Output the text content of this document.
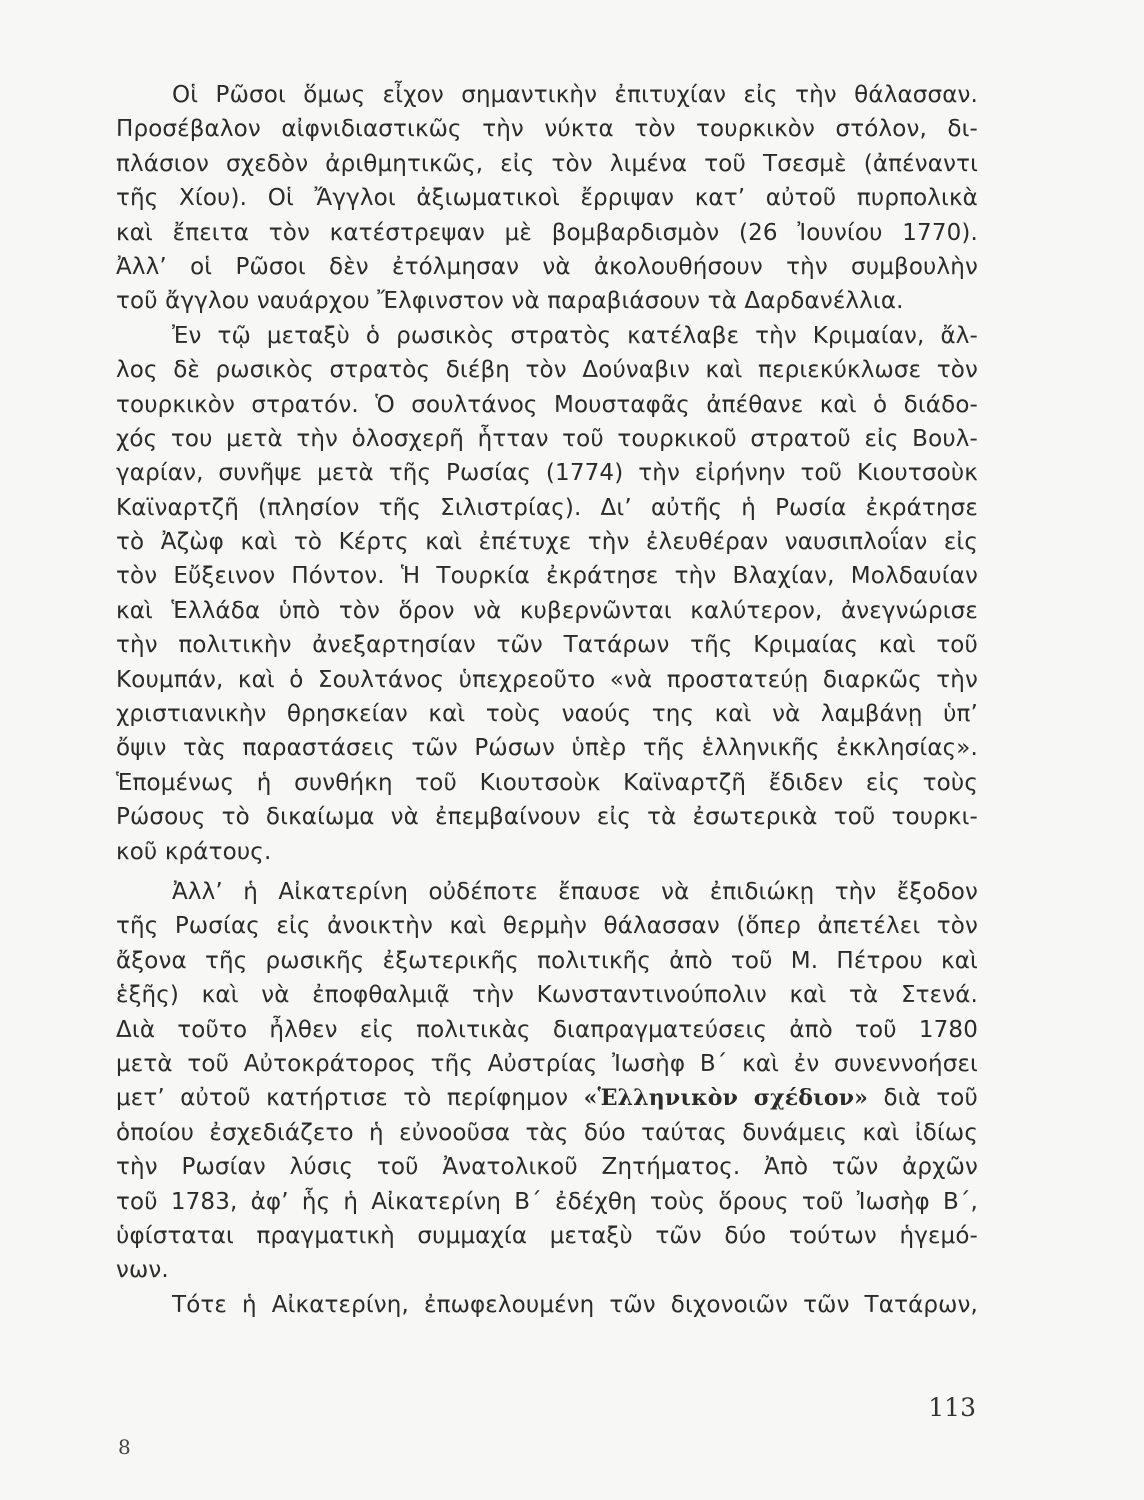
Οἱ Ρῶσοι ὅμως εἶχον σημαντικὴν ἐπιτυχίαν εἰς τὴν θάλασσαν.
Προσέβαλον αἰφνιδιαστικῶς τὴν νύκτα τὸν τουρκικὸν στόλον, δι-
πλάσιον σχεδὸν ἀριθμητικῶς, εἰς τὸν λιμένα τοῦ Τσεσμὲ (ἀπέναντι
τῆς Χίου). Οἱ Ἄγγλοι ἀξιωματικοὶ ἔρριψαν κατ’ αὐτοῦ πυρπολικὰ
καὶ ἔπειτα τὸν κατέστρεψαν μὲ βομβαρδισμὸν (26 Ἰουνίου 1770).
Ἀλλ’ οἱ Ρῶσοι δὲν ἐτόλμησαν νὰ ἀκολουθήσουν τὴν συμβουλὴν
τοῦ ἄγγλου ναυάρχου Ἔλφινστον νὰ παραβιάσουν τὰ Δαρδανέλλια.
Ἐν τῷ μεταξὺ ὁ ρωσικὸς στρατὸς κατέλαβε τὴν Κριμαίαν, ἄλ-
λος δὲ ρωσικὸς στρατὸς διέβη τὸν Δούναβιν καὶ περιεκύκλωσε τὸν
τουρκικὸν στρατόν. Ὁ σουλτάνος Μουσταφᾶς ἀπέθανε καὶ ὁ διάδο-
χός του μετὰ τὴν ὁλοσχερῆ ἧτταν τοῦ τουρκικοῦ στρατοῦ εἰς Βουλ-
γαρίαν, συνῆψε μετὰ τῆς Ρωσίας (1774) τὴν εἰρήνην τοῦ Κιουτσοὺκ
Καϊναρτζῆ (πλησίον τῆς Σιλιστρίας). Δι’ αὐτῆς ἡ Ρωσία ἐκράτησε
τὸ Ἀζὼφ καὶ τὸ Κέρτς καὶ ἐπέτυχε τὴν ἐλευθέραν ναυσιπλοΐαν εἰς
τὸν Εὔξεινον Πόντον. Ἡ Τουρκία ἐκράτησε τὴν Βλαχίαν, Μολδαυίαν
καὶ Ἑλλάδα ὑπὸ τὸν ὅρον νὰ κυβερνῶνται καλύτερον, ἀνεγνώρισε
τὴν πολιτικὴν ἀνεξαρτησίαν τῶν Τατάρων τῆς Κριμαίας καὶ τοῦ
Κουμπάν, καὶ ὁ Σουλτάνος ὑπεχρεοῦτο «νὰ προστατεύῃ διαρκῶς τὴν
χριστιανικὴν θρησκείαν καὶ τοὺς ναούς της καὶ νὰ λαμβάνῃ ὑπ’
ὄψιν τὰς παραστάσεις τῶν Ρώσων ὑπὲρ τῆς ἑλληνικῆς ἐκκλησίας».
Ἑπομένως ἡ συνθήκη τοῦ Κιουτσοὺκ Καϊναρτζῆ ἔδιδεν εἰς τοὺς
Ρώσους τὸ δικαίωμα νὰ ἐπεμβαίνουν εἰς τὰ ἐσωτερικὰ τοῦ τουρκι-
κοῦ κράτους.
Ἀλλ’ ἡ Αἰκατερίνη οὐδέποτε ἔπαυσε νὰ ἐπιδιώκῃ τὴν ἔξοδον
τῆς Ρωσίας εἰς ἀνοικτὴν καὶ θερμὴν θάλασσαν (ὅπερ ἀπετέλει τὸν
ἄξονα τῆς ρωσικῆς ἐξωτερικῆς πολιτικῆς ἀπὸ τοῦ Μ. Πέτρου καὶ
ἑξῆς) καὶ νὰ ἐποφθαλμιᾷ τὴν Κωνσταντινούπολιν καὶ τὰ Στενά.
Διὰ τοῦτο ἦλθεν εἰς πολιτικὰς διαπραγματεύσεις ἀπὸ τοῦ 1780
μετὰ τοῦ Αὐτοκράτορος τῆς Αὐστρίας Ἰωσὴφ Β΄ καὶ ἐν συνεννοήσει
μετ’ αὐτοῦ κατήρτισε τὸ περίφημον «Ἑλληνικὸν σχέδιον» διὰ τοῦ
ὁποίου ἐσχεδιάζετο ἡ εὐνοοῦσα τὰς δύο ταύτας δυνάμεις καὶ ἰδίως
τὴν Ρωσίαν λύσις τοῦ Ἀνατολικοῦ Ζητήματος. Ἀπὸ τῶν ἀρχῶν
τοῦ 1783, ἀφ’ ἧς ἡ Αἰκατερίνη Β΄ ἐδέχθη τοὺς ὅρους τοῦ Ἰωσὴφ Β΄,
ὑφίσταται πραγματικὴ συμμαχία μεταξὺ τῶν δύο τούτων ἡγεμό-
νων.
Τότε ἡ Αἰκατερίνη, ἐπωφελουμένη τῶν διχονοιῶν τῶν Τατάρων,
113
8
